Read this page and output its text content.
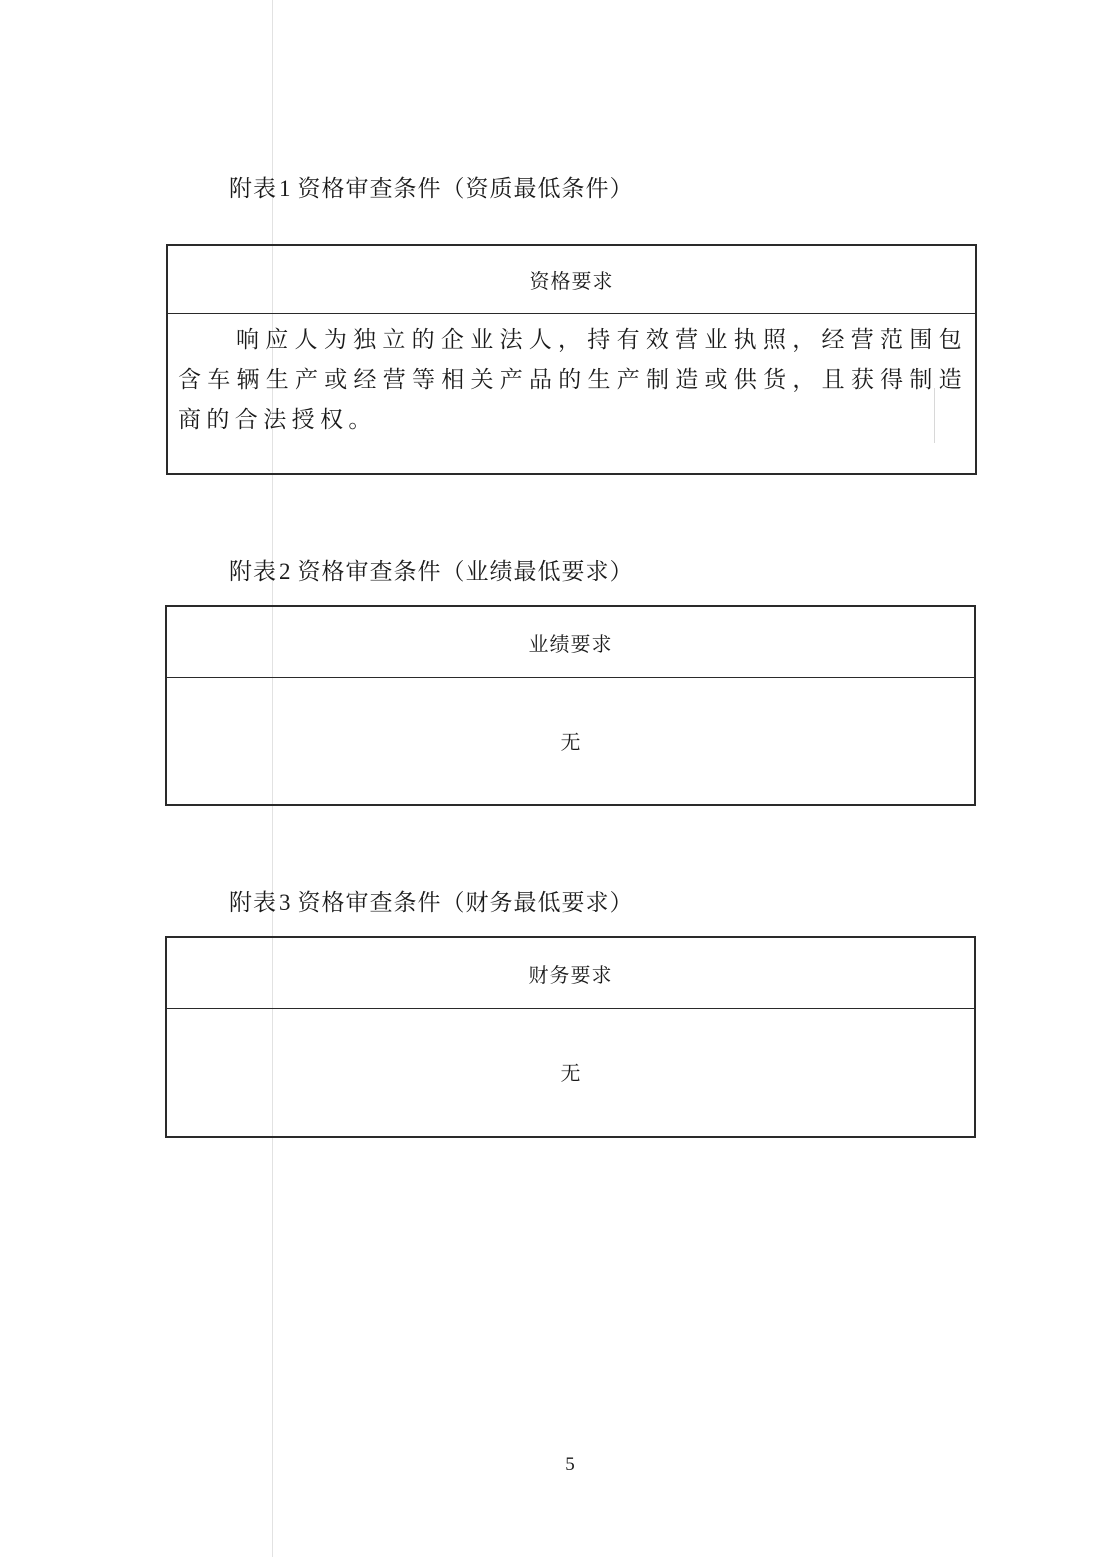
附表1 资格审查条件（资质最低条件）
资格要求
响应人为独立的企业法人，持有效营业执照，经营范围包含车辆生产或经营等相关产品的生产制造或供货，且获得制造商的合法授权。
附表2 资格审查条件（业绩最低要求）
业绩要求
无
附表3 资格审查条件（财务最低要求）
财务要求
无
5
